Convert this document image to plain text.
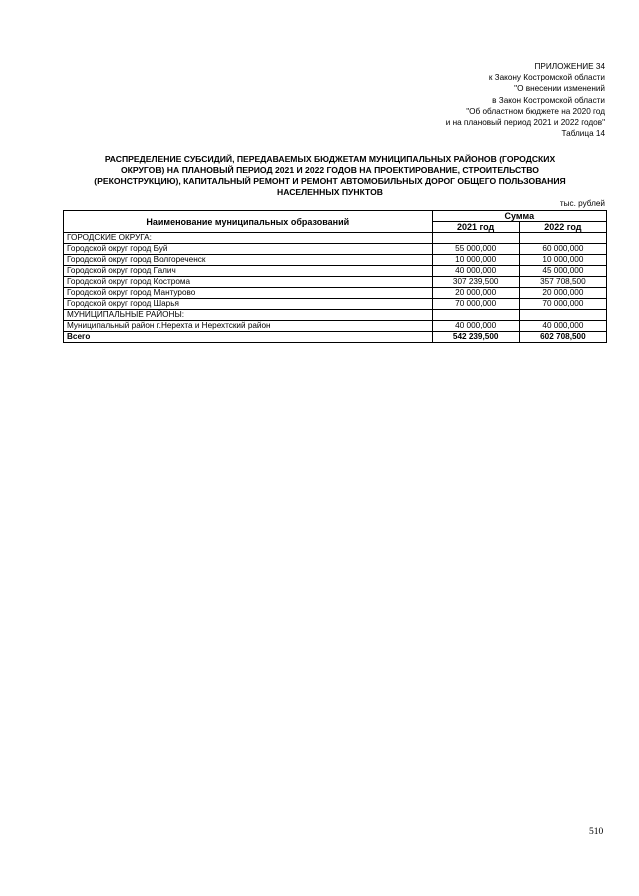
ПРИЛОЖЕНИЕ 34
к Закону Костромской области
"О внесении изменений
в Закон Костромской области
"Об областном бюджете на 2020 год
и на плановый период 2021 и 2022 годов"
Таблица 14
РАСПРЕДЕЛЕНИЕ СУБСИДИЙ, ПЕРЕДАВАЕМЫХ БЮДЖЕТАМ МУНИЦИПАЛЬНЫХ РАЙОНОВ (ГОРОДСКИХ
ОКРУГОВ) НА ПЛАНОВЫЙ ПЕРИОД 2021 И 2022 ГОДОВ НА ПРОЕКТИРОВАНИЕ, СТРОИТЕЛЬСТВО
(РЕКОНСТРУКЦИЮ), КАПИТАЛЬНЫЙ РЕМОНТ И РЕМОНТ АВТОМОБИЛЬНЫХ ДОРОГ ОБЩЕГО ПОЛЬЗОВАНИЯ
НАСЕЛЕННЫХ ПУНКТОВ
тыс. рублей
Наименование муниципальных образований	Сумма	
	2021 год	2022 год
ГОРОДСКИЕ ОКРУГА:		
Городской округ город Буй	55 000,000	60 000,000
Городской округ город Волгореченск	10 000,000	10 000,000
Городской округ город Галич	40 000,000	45 000,000
Городской округ город Кострома	307 239,500	357 708,500
Городской округ город Мантурово	20 000,000	20 000,000
Городской округ город Шарья	70 000,000	70 000,000
МУНИЦИПАЛЬНЫЕ РАЙОНЫ:		
Муниципальный район г.Нерехта и Нерехтский район	40 000,000	40 000,000
Всего	542 239,500	602 708,500
510
